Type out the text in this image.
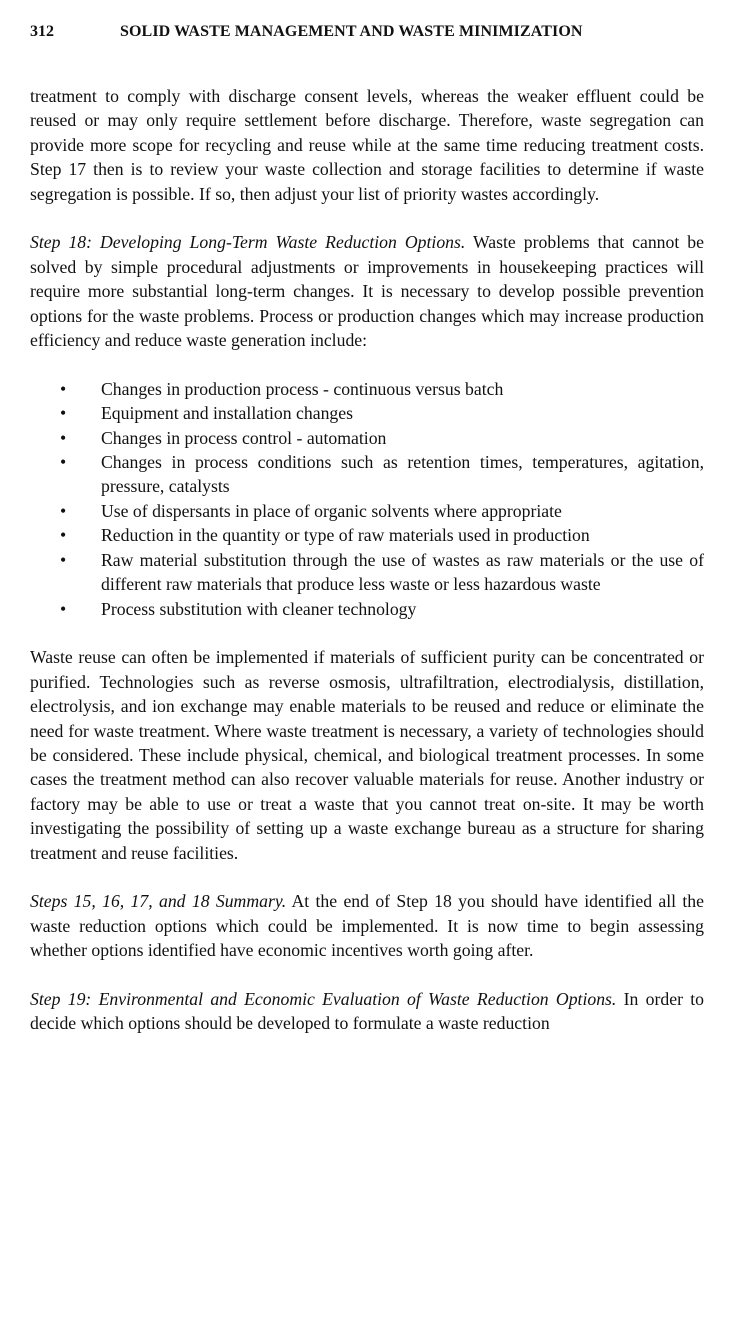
312	SOLID WASTE MANAGEMENT AND WASTE MINIMIZATION

treatment to comply with discharge consent levels, whereas the weaker effluent could be reused or may only require settlement before discharge. Therefore, waste segregation can provide more scope for recycling and reuse while at the same time reducing treatment costs. Step 17 then is to review your waste collection and storage facilities to determine if waste segregation is possible. If so, then adjust your list of priority wastes accordingly.

Step 18: Developing Long-Term Waste Reduction Options. Waste problems that cannot be solved by simple procedural adjustments or improvements in housekeeping practices will require more substantial long-term changes. It is necessary to develop possible prevention options for the waste problems. Process or production changes which may increase production efficiency and reduce waste generation include:

• Changes in production process - continuous versus batch
• Equipment and installation changes
• Changes in process control - automation
• Changes in process conditions such as retention times, temperatures, agitation, pressure, catalysts
• Use of dispersants in place of organic solvents where appropriate
• Reduction in the quantity or type of raw materials used in production
• Raw material substitution through the use of wastes as raw materials or the use of different raw materials that produce less waste or less hazardous waste
• Process substitution with cleaner technology

Waste reuse can often be implemented if materials of sufficient purity can be concentrated or purified. Technologies such as reverse osmosis, ultrafiltration, electrodialysis, distillation, electrolysis, and ion exchange may enable materials to be reused and reduce or eliminate the need for waste treatment. Where waste treatment is necessary, a variety of technologies should be considered. These include physical, chemical, and biological treatment processes. In some cases the treatment method can also recover valuable materials for reuse. Another industry or factory may be able to use or treat a waste that you cannot treat on-site. It may be worth investigating the possibility of setting up a waste exchange bureau as a structure for sharing treatment and reuse facilities.

Steps 15, 16, 17, and 18 Summary. At the end of Step 18 you should have identified all the waste reduction options which could be implemented. It is now time to begin assessing whether options identified have economic incentives worth going after.

Step 19: Environmental and Economic Evaluation of Waste Reduction Options. In order to decide which options should be developed to formulate a waste reduction
